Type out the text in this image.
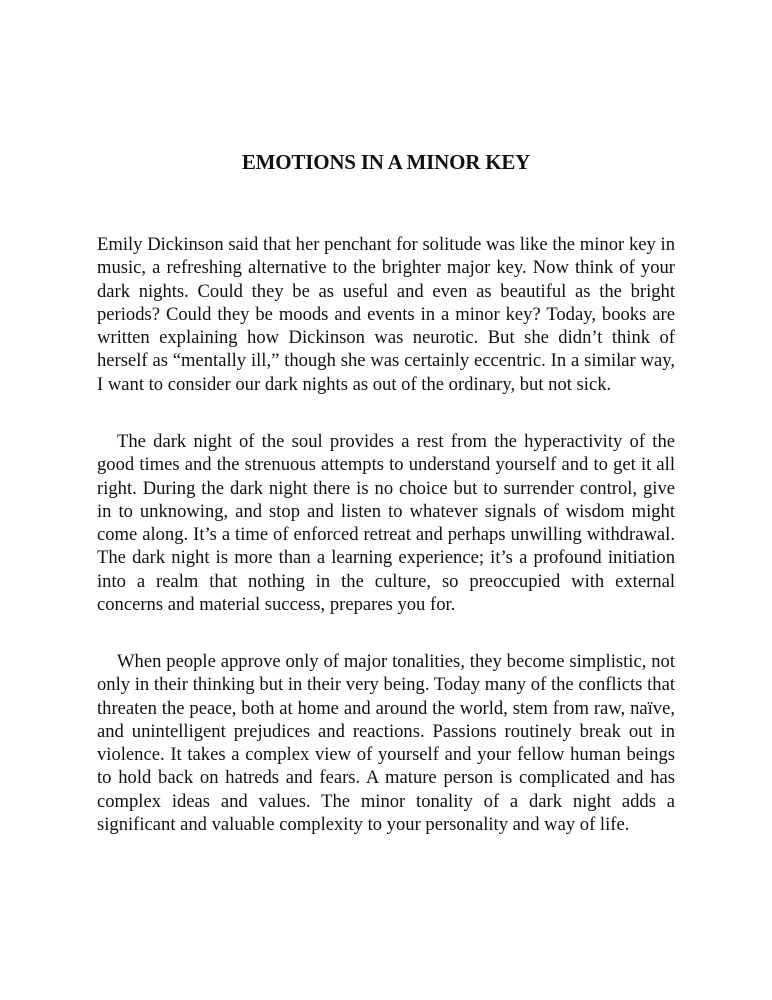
EMOTIONS IN A MINOR KEY

Emily Dickinson said that her penchant for solitude was like the minor key in music, a refreshing alternative to the brighter major key. Now think of your dark nights. Could they be as useful and even as beautiful as the bright periods? Could they be moods and events in a minor key? Today, books are written explaining how Dickinson was neurotic. But she didn’t think of herself as “mentally ill,” though she was certainly eccentric. In a similar way, I want to consider our dark nights as out of the ordinary, but not sick.

The dark night of the soul provides a rest from the hyperactivity of the good times and the strenuous attempts to understand yourself and to get it all right. During the dark night there is no choice but to surrender control, give in to unknowing, and stop and listen to whatever signals of wisdom might come along. It’s a time of enforced retreat and perhaps unwilling withdrawal. The dark night is more than a learning experience; it’s a profound initiation into a realm that nothing in the culture, so preoccupied with external concerns and material success, prepares you for.

When people approve only of major tonalities, they become simplistic, not only in their thinking but in their very being. Today many of the conflicts that threaten the peace, both at home and around the world, stem from raw, naïve, and unintelligent prejudices and reactions. Passions routinely break out in violence. It takes a complex view of yourself and your fellow human beings to hold back on hatreds and fears. A mature person is complicated and has complex ideas and values. The minor tonality of a dark night adds a significant and valuable complexity to your personality and way of life.
